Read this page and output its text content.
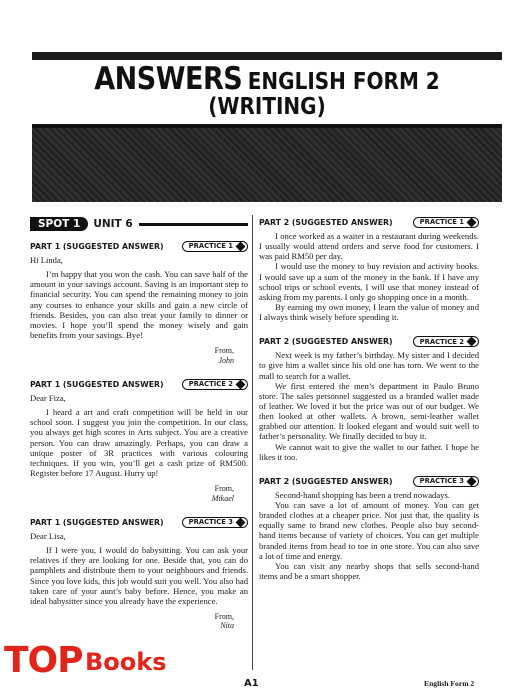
ANSWERS ENGLISH FORM 2
(WRITING)
SPOT 1	UNIT 6
PART 1 (SUGGESTED ANSWER)	PRACTICE 1
Hi Linda,

I’m happy that you won the cash. You can save half of the amount in your savings account. Saving is an important step to financial security. You can spend the remaining money to join any courses to enhance your skills and gain a new circle of friends. Besides, you can also treat your family to dinner or movies. I hope you’ll spend the money wisely and gain benefits from your savings. Bye!

From,
John
PART 1 (SUGGESTED ANSWER)	PRACTICE 2
Dear Fiza,

I heard a art and craft competition will be held in our school soon. I suggest you join the competition. In our class, you always get high scores in Arts subject. You are a creative person. You can draw amazingly. Perhaps, you can draw a unique poster of 3R practices with various colouring techniques. If you win, you’ll get a cash prize of RM500. Register before 17 August. Hurry up!

From,
Mikael
PART 1 (SUGGESTED ANSWER)	PRACTICE 3
Dear Lisa,

If I were you, I would do babysitting. You can ask your relatives if they are looking for one. Beside that, you can do pamphlets and distribute them to your neighbours and friends. Since you love kids, this job would suit you well. You also had taken care of your aunt’s baby before. Hence, you make an ideal babysitter since you already have the experience.

From,
Nita
PART 2 (SUGGESTED ANSWER)	PRACTICE 1

I once worked as a waiter in a restaurant during weekends. I usually would attend orders and serve food for customers. I was paid RM50 per day.

I would use the money to buy revision and activity books. I would save up a sum of the money in the bank. If I have any school trips or school events, I will use that money instead of asking from my parents. I only go shopping once in a month.

By earning my own money, I learn the value of money and I always think wisely before spending it.

PART 2 (SUGGESTED ANSWER)	PRACTICE 2

Next week is my father’s birthday. My sister and I decided to give him a wallet since his old one has torn. We went to the mall to search for a wallet.

We first entered the men’s department in Paulo Bruno store. The sales personnel suggested us a branded wallet made of leather. We loved it but the price was out of our budget. We then looked at other wallets. A brown, semi-leather wallet grabbed our attention. It looked elegant and would suit well to father’s personality. We finally decided to buy it.

We cannot wait to give the wallet to our father. I hope he likes it too.

PART 2 (SUGGESTED ANSWER)	PRACTICE 3

Second-hand shopping has been a trend nowadays.

You can save a lot of amount of money. You can get branded clothes at a cheaper price. Not just that, the quality is equally same to brand new clothes. People also buy second-hand items because of variety of choices. You can get multiple branded items from head to toe in one store. You can also save a lot of time and energy.

You can visit any nearby shops that sells second-hand items and be a smart shopper.

TOP Books
A1	English Form 2
